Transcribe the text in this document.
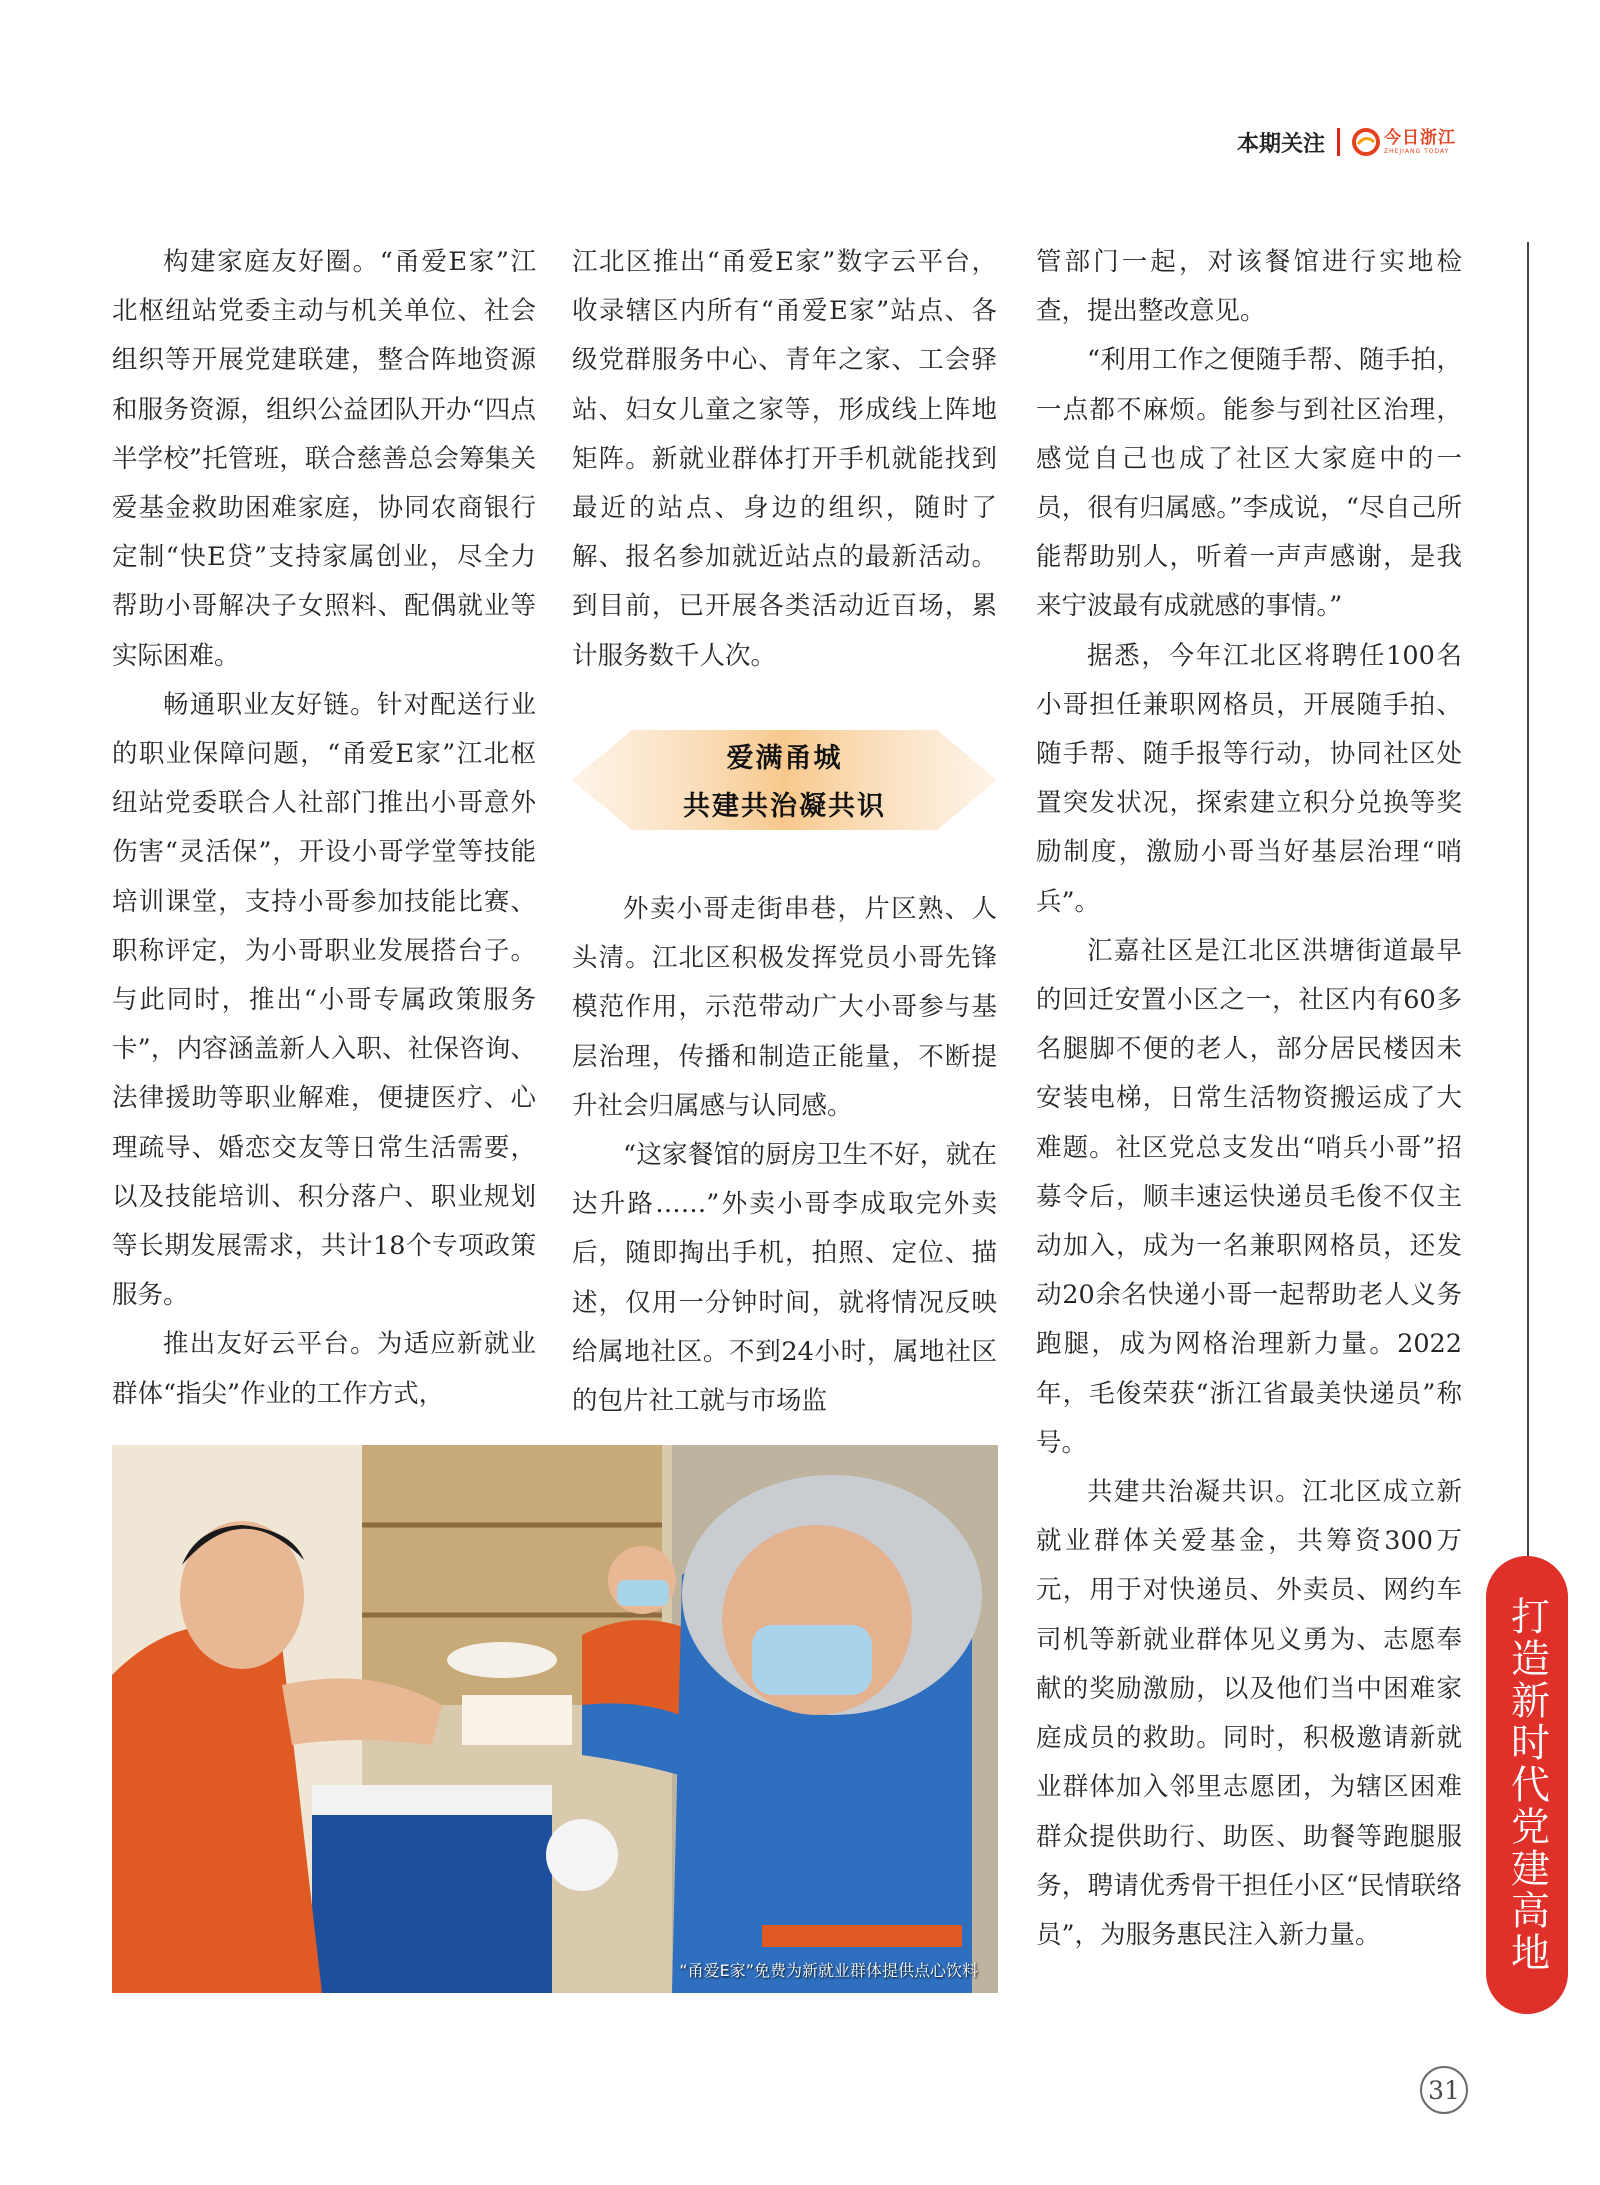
本期关注	今日浙江
ZHEJIANG TODAY

构建家庭友好圈。“甬爱E家”江北枢纽站党委主动与机关单位、社会组织等开展党建联建，整合阵地资源和服务资源，组织公益团队开办“四点半学校”托管班，联合慈善总会筹集关爱基金救助困难家庭，协同农商银行定制“快E贷”支持家属创业，尽全力帮助小哥解决子女照料、配偶就业等实际困难。

畅通职业友好链。针对配送行业的职业保障问题，“甬爱E家”江北枢纽站党委联合人社部门推出小哥意外伤害“灵活保”，开设小哥学堂等技能培训课堂，支持小哥参加技能比赛、职称评定，为小哥职业发展搭台子。与此同时，推出“小哥专属政策服务卡”，内容涵盖新人入职、社保咨询、法律援助等职业解难，便捷医疗、心理疏导、婚恋交友等日常生活需要，以及技能培训、积分落户、职业规划等长期发展需求，共计18个专项政策服务。

推出友好云平台。为适应新就业群体“指尖”作业的工作方式，

江北区推出“甬爱E家”数字云平台，收录辖区内所有“甬爱E家”站点、各级党群服务中心、青年之家、工会驿站、妇女儿童之家等，形成线上阵地矩阵。新就业群体打开手机就能找到最近的站点、身边的组织，随时了解、报名参加就近站点的最新活动。到目前，已开展各类活动近百场，累计服务数千人次。

爱满甬城
共建共治凝共识

外卖小哥走街串巷，片区熟、人头清。江北区积极发挥党员小哥先锋模范作用，示范带动广大小哥参与基层治理，传播和制造正能量，不断提升社会归属感与认同感。

“这家餐馆的厨房卫生不好，就在达升路……”外卖小哥李成取完外卖后，随即掏出手机，拍照、定位、描述，仅用一分钟时间，就将情况反映给属地社区。不到24小时，属地社区的包片社工就与市场监

管部门一起，对该餐馆进行实地检查，提出整改意见。

“利用工作之便随手帮、随手拍，一点都不麻烦。能参与到社区治理，感觉自己也成了社区大家庭中的一员，很有归属感。”李成说，“尽自己所能帮助别人，听着一声声感谢，是我来宁波最有成就感的事情。”

据悉，今年江北区将聘任100名小哥担任兼职网格员，开展随手拍、随手帮、随手报等行动，协同社区处置突发状况，探索建立积分兑换等奖励制度，激励小哥当好基层治理“哨兵”。

汇嘉社区是江北区洪塘街道最早的回迁安置小区之一，社区内有60多名腿脚不便的老人，部分居民楼因未安装电梯，日常生活物资搬运成了大难题。社区党总支发出“哨兵小哥”招募令后，顺丰速运快递员毛俊不仅主动加入，成为一名兼职网格员，还发动20余名快递小哥一起帮助老人义务跑腿，成为网格治理新力量。2022年，毛俊荣获“浙江省最美快递员”称号。

共建共治凝共识。江北区成立新就业群体关爱基金，共筹资300万元，用于对快递员、外卖员、网约车司机等新就业群体见义勇为、志愿奉献的奖励激励，以及他们当中困难家庭成员的救助。同时，积极邀请新就业群体加入邻里志愿团，为辖区困难群众提供助行、助医、助餐等跑腿服务，聘请优秀骨干担任小区“民情联络员”，为服务惠民注入新力量。

“甬爱E家”免费为新就业群体提供点心饮料	打造新时代党建高地
31
